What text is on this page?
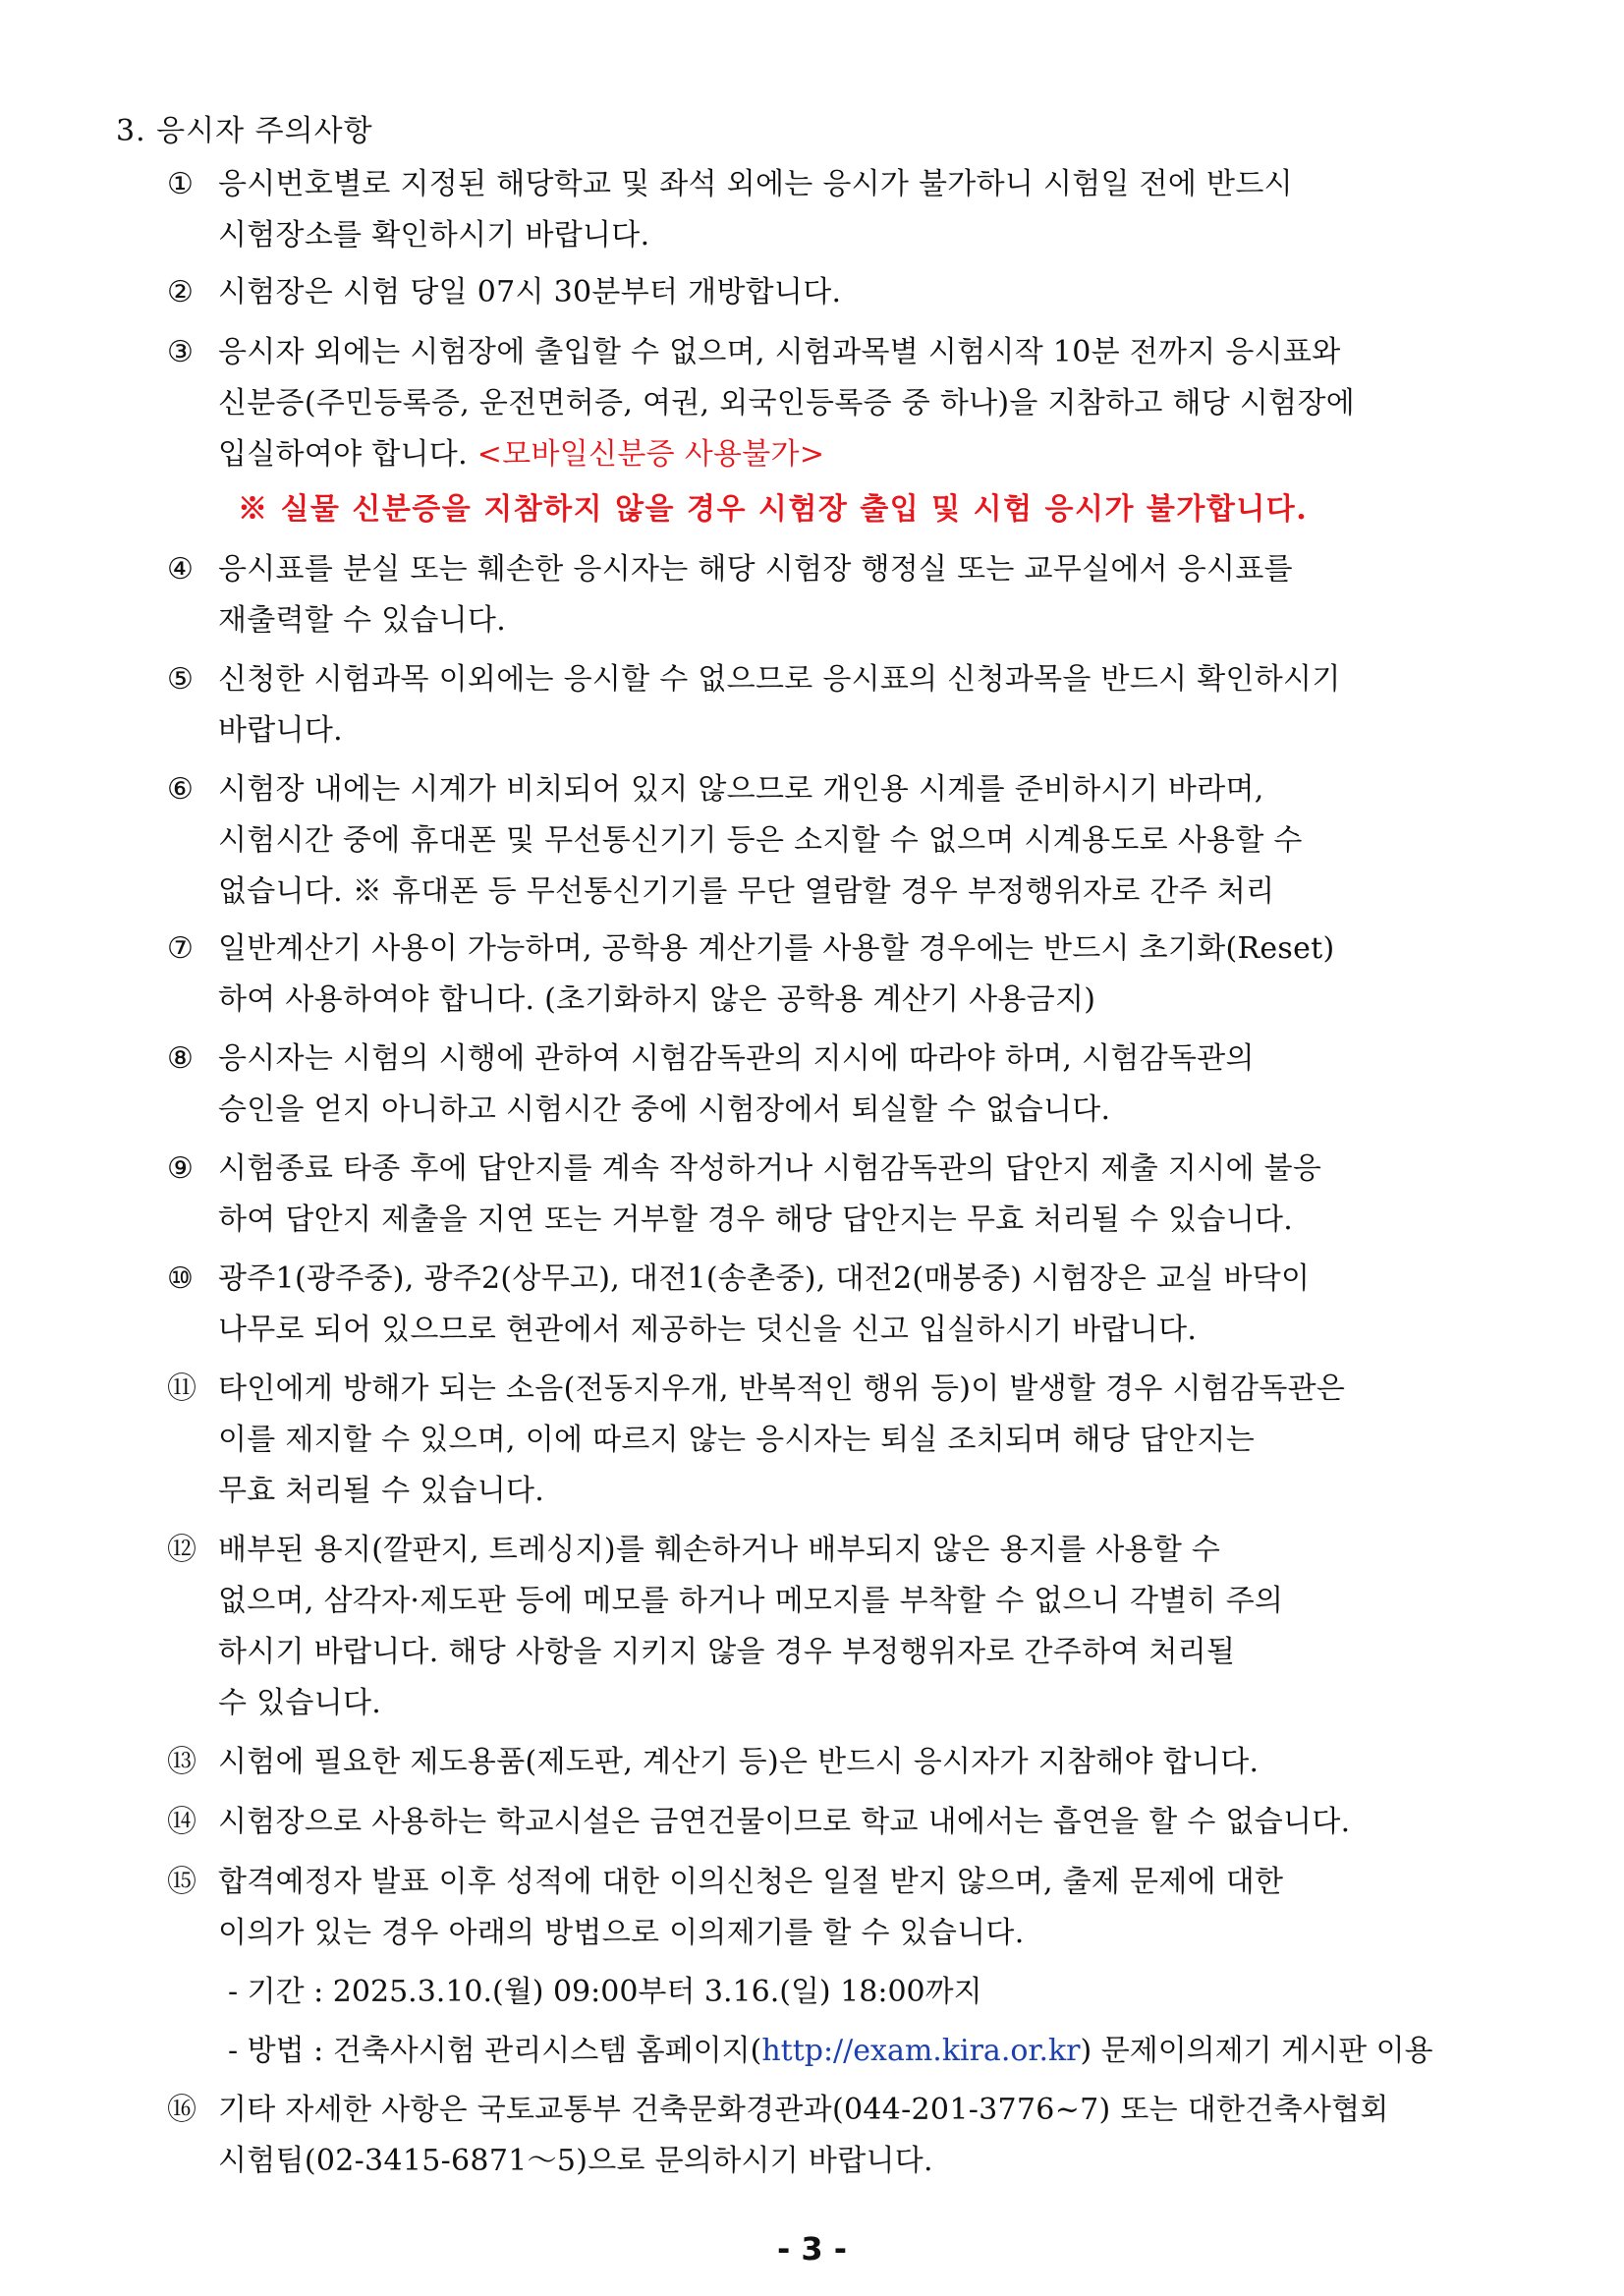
3. 응시자 주의사항
① 응시번호별로 지정된 해당학교 및 좌석 외에는 응시가 불가하니 시험일 전에 반드시
시험장소를 확인하시기 바랍니다.
② 시험장은 시험 당일 07시 30분부터 개방합니다.
③ 응시자 외에는 시험장에 출입할 수 없으며, 시험과목별 시험시작 10분 전까지 응시표와
신분증(주민등록증, 운전면허증, 여권, 외국인등록증 중 하나)을 지참하고 해당 시험장에
입실하여야 합니다. <모바일신분증 사용불가>
※ 실물 신분증을 지참하지 않을 경우 시험장 출입 및 시험 응시가 불가합니다.
④ 응시표를 분실 또는 훼손한 응시자는 해당 시험장 행정실 또는 교무실에서 응시표를
재출력할 수 있습니다.
⑤ 신청한 시험과목 이외에는 응시할 수 없으므로 응시표의 신청과목을 반드시 확인하시기
바랍니다.
⑥ 시험장 내에는 시계가 비치되어 있지 않으므로 개인용 시계를 준비하시기 바라며,
시험시간 중에 휴대폰 및 무선통신기기 등은 소지할 수 없으며 시계용도로 사용할 수
없습니다. ※ 휴대폰 등 무선통신기기를 무단 열람할 경우 부정행위자로 간주 처리
⑦ 일반계산기 사용이 가능하며, 공학용 계산기를 사용할 경우에는 반드시 초기화(Reset)
하여 사용하여야 합니다. (초기화하지 않은 공학용 계산기 사용금지)
⑧ 응시자는 시험의 시행에 관하여 시험감독관의 지시에 따라야 하며, 시험감독관의
승인을 얻지 아니하고 시험시간 중에 시험장에서 퇴실할 수 없습니다.
⑨ 시험종료 타종 후에 답안지를 계속 작성하거나 시험감독관의 답안지 제출 지시에 불응
하여 답안지 제출을 지연 또는 거부할 경우 해당 답안지는 무효 처리될 수 있습니다.
⑩ 광주1(광주중), 광주2(상무고), 대전1(송촌중), 대전2(매봉중) 시험장은 교실 바닥이
나무로 되어 있으므로 현관에서 제공하는 덧신을 신고 입실하시기 바랍니다.
⑪ 타인에게 방해가 되는 소음(전동지우개, 반복적인 행위 등)이 발생할 경우 시험감독관은
이를 제지할 수 있으며, 이에 따르지 않는 응시자는 퇴실 조치되며 해당 답안지는
무효 처리될 수 있습니다.
⑫ 배부된 용지(깔판지, 트레싱지)를 훼손하거나 배부되지 않은 용지를 사용할 수
없으며, 삼각자·제도판 등에 메모를 하거나 메모지를 부착할 수 없으니 각별히 주의
하시기 바랍니다. 해당 사항을 지키지 않을 경우 부정행위자로 간주하여 처리될
수 있습니다.
⑬ 시험에 필요한 제도용품(제도판, 계산기 등)은 반드시 응시자가 지참해야 합니다.
⑭ 시험장으로 사용하는 학교시설은 금연건물이므로 학교 내에서는 흡연을 할 수 없습니다.
⑮ 합격예정자 발표 이후 성적에 대한 이의신청은 일절 받지 않으며, 출제 문제에 대한
이의가 있는 경우 아래의 방법으로 이의제기를 할 수 있습니다.
- 기간 : 2025.3.10.(월) 09:00부터 3.16.(일) 18:00까지
- 방법 : 건축사시험 관리시스템 홈페이지(http://exam.kira.or.kr) 문제이의제기 게시판 이용
⑯ 기타 자세한 사항은 국토교통부 건축문화경관과(044-201-3776~7) 또는 대한건축사협회
시험팀(02-3415-6871～5)으로 문의하시기 바랍니다.
- 3 -
